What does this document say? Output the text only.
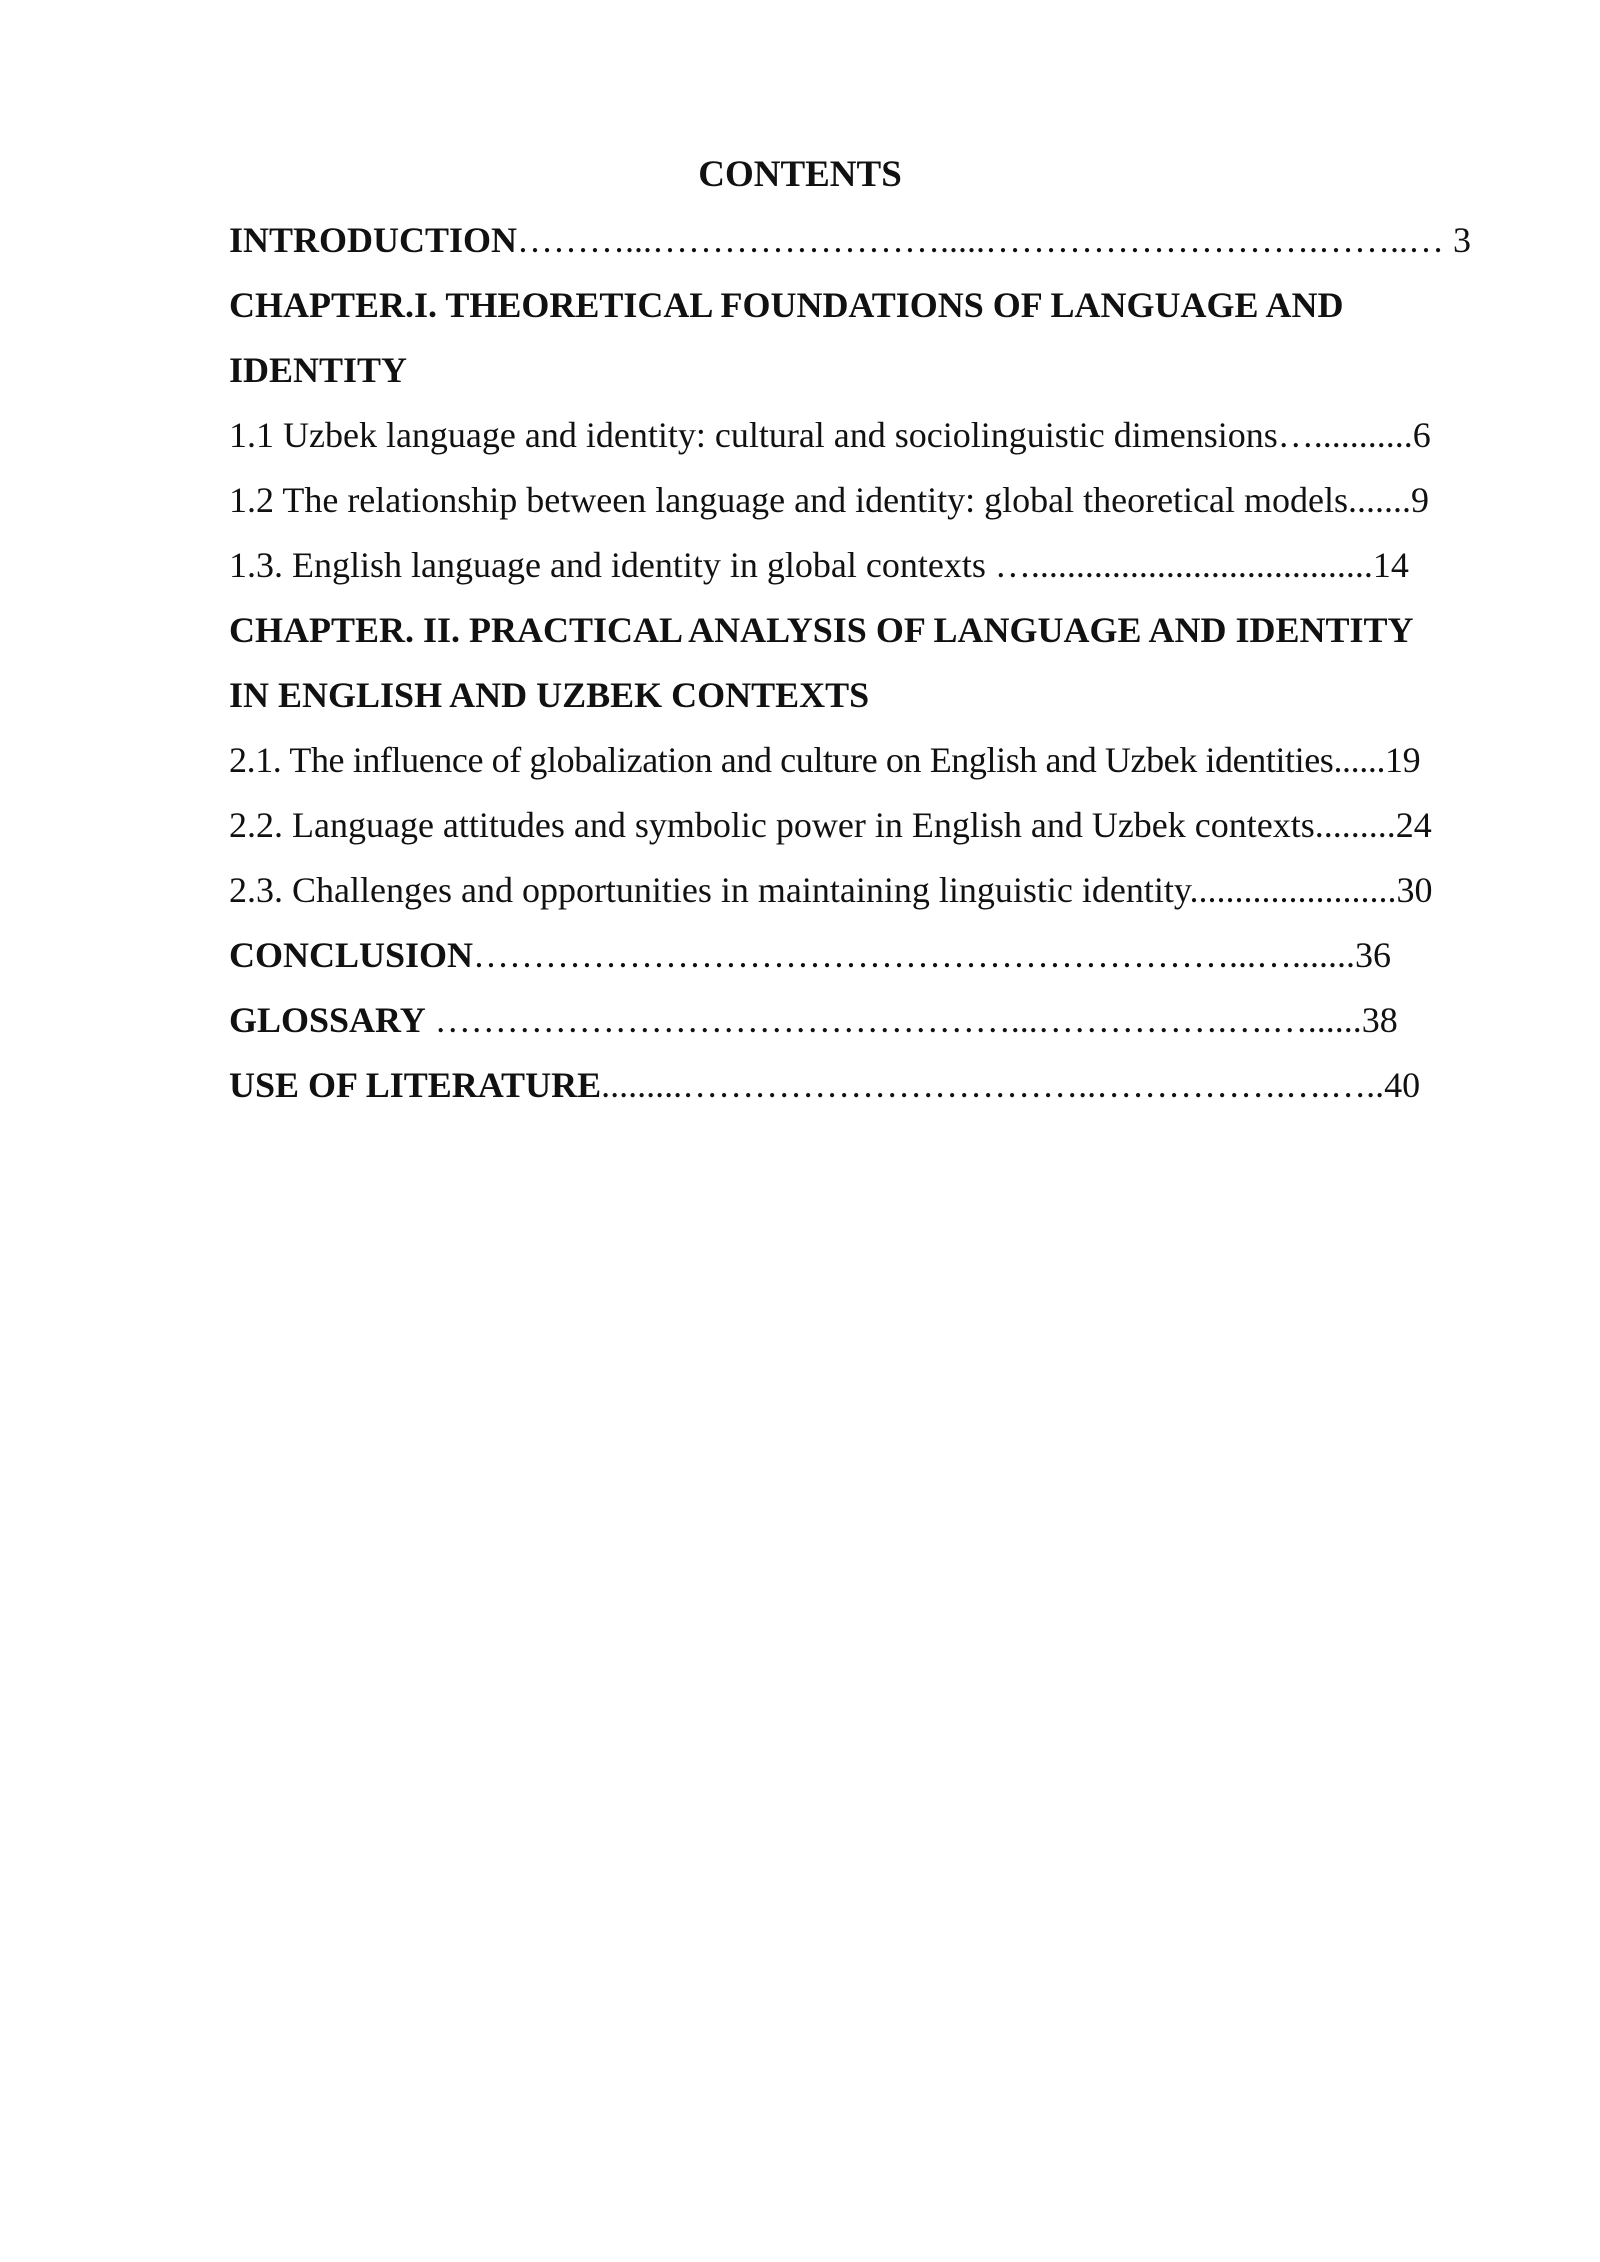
CONTENTS
INTRODUCTION………...…………………….....……………………….……..… 3
CHAPTER.I. THEORETICAL FOUNDATIONS OF LANGUAGE AND
IDENTITY
1.1 Uzbek language and identity: cultural and sociolinguistic dimensions…...........6
1.2 The relationship between language and identity: global theoretical models.......9
1.3. English language and identity in global contexts …......................................14
CHAPTER. II. PRACTICAL ANALYSIS OF LANGUAGE AND IDENTITY
IN ENGLISH AND UZBEK CONTEXTS
2.1. The influence of globalization and culture on English and Uzbek identities......19
2.2. Language attitudes and symbolic power in English and Uzbek contexts.........24
2.3. Challenges and opportunities in maintaining linguistic identity.......................30
CONCLUSION………………………………………………………...….......36
GLOSSARY …………………………………………...…………….….…......38
USE OF LITERATURE.........……………………………..…………….….…..40
